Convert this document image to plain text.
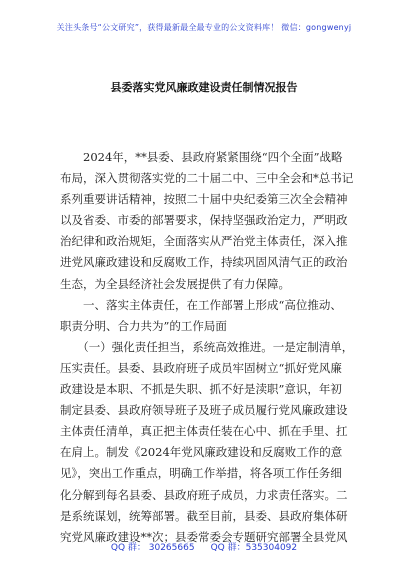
关注头条号“公文研究”，获得最新最全最专业的公文资料库！ 微信：gongwenyj
县委落实党风廉政建设责任制情况报告
　　2024年，**县委、县政府紧紧围绕“四个全面”战略
布局，深入贯彻落实党的二十届二中、三中全会和*总书记
系列重要讲话精神，按照二十届中央纪委第三次全会精神
以及省委、市委的部署要求，保持坚强政治定力，严明政
治纪律和政治规矩，全面落实从严治党主体责任，深入推
进党风廉政建设和反腐败工作，持续巩固风清气正的政治
生态，为全县经济社会发展提供了有力保障。
　　一、落实主体责任，在工作部署上形成“高位推动、
职责分明、合力共为”的工作局面
　　（一）强化责任担当，系统高效推进。一是定制清单，
压实责任。县委、县政府班子成员牢固树立“抓好党风廉
政建设是本职、不抓是失职、抓不好是渎职”意识，年初
制定县委、县政府领导班子及班子成员履行党风廉政建设
主体责任清单，真正把主体责任装在心中、抓在手里、扛
在肩上。制发《2024年党风廉政建设和反腐败工作的意
见》，突出工作重点，明确工作举措，将各项工作任务细
化分解到每名县委、县政府班子成员，力求责任落实。二
是系统谋划，统筹部署。截至目前，县委、县政府集体研
究党风廉政建设**次；县委常委会专题研究部署全县党风
QQ 群： 30265665 QQ 群：535304092
